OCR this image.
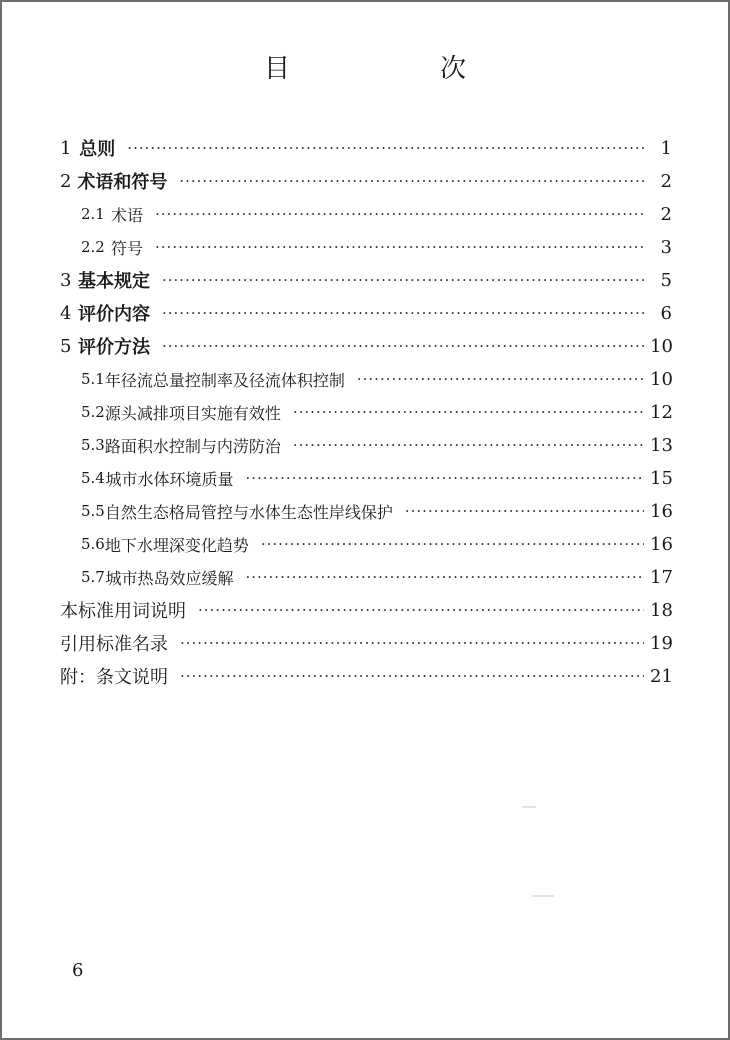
目　次
1 总则 ·····	1
2 术语和符号 ·····	2
2.1 术语 ·····	2
2.2 符号 ·····	3
3 基本规定 ·····	5
4 评价内容 ·····	6
5 评价方法 ·····	10
5.1 年径流总量控制率及径流体积控制 ·····	10
5.2 源头减排项目实施有效性 ·····	12
5.3 路面积水控制与内涝防治 ·····	13
5.4 城市水体环境质量 ·····	15
5.5 自然生态格局管控与水体生态性岸线保护 ·····	16
5.6 地下水埋深变化趋势 ·····	16
5.7 城市热岛效应缓解 ·····	17
本标准用词说明 ·····	18
引用标准名录 ·····	19
附：条文说明 ·····	21
6
